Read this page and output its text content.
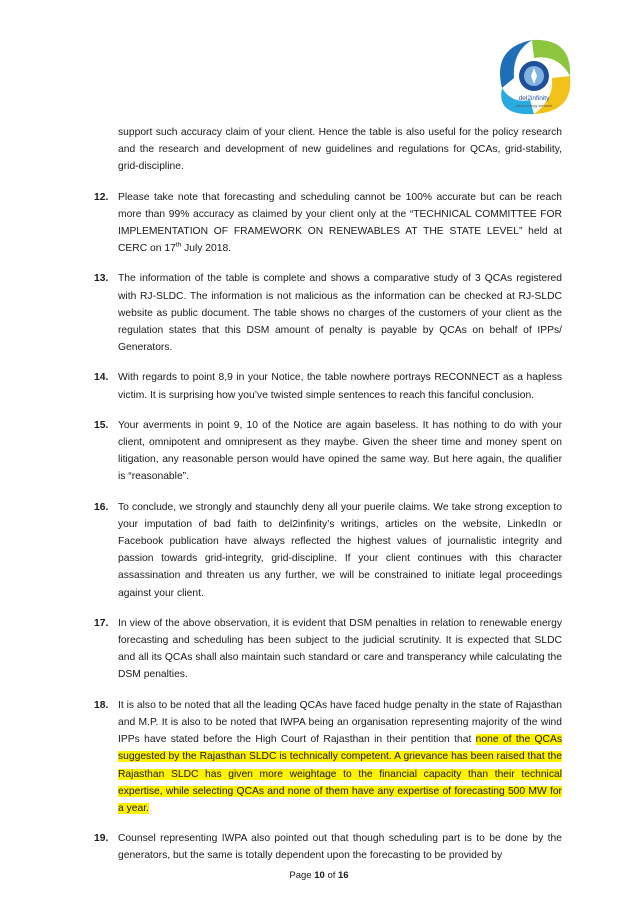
del2infinity
clean energy services

support such accuracy claim of your client. Hence the table is also useful for the policy research and the research and development of new guidelines and regulations for QCAs, grid-stability, grid-discipline.

12. Please take note that forecasting and scheduling cannot be 100% accurate but can be reach more than 99% accuracy as claimed by your client only at the “TECHNICAL COMMITTEE FOR IMPLEMENTATION OF FRAMEWORK ON RENEWABLES AT THE STATE LEVEL” held at CERC on 17th July 2018.
13. The information of the table is complete and shows a comparative study of 3 QCAs registered with RJ-SLDC. The information is not malicious as the information can be checked at RJ-SLDC website as public document. The table shows no charges of the customers of your client as the regulation states that this DSM amount of penalty is payable by QCAs on behalf of IPPs/ Generators.
14. With regards to point 8,9 in your Notice, the table nowhere portrays RECONNECT as a hapless victim. It is surprising how you’ve twisted simple sentences to reach this fanciful conclusion.
15. Your averments in point 9, 10 of the Notice are again baseless. It has nothing to do with your client, omnipotent and omnipresent as they maybe. Given the sheer time and money spent on litigation, any reasonable person would have opined the same way. But here again, the qualifier is “reasonable”.
16. To conclude, we strongly and staunchly deny all your puerile claims. We take strong exception to your imputation of bad faith to del2infinity’s writings, articles on the website, LinkedIn or Facebook publication have always reflected the highest values of journalistic integrity and passion towards grid-integrity, grid-discipline. If your client continues with this character assassination and threaten us any further, we will be constrained to initiate legal proceedings against your client.
17. In view of the above observation, it is evident that DSM penalties in relation to renewable energy forecasting and scheduling has been subject to the judicial scrutinity. It is expected that SLDC and all its QCAs shall also maintain such standard or care and transperancy while calculating the DSM penalties.
18. It is also to be noted that all the leading QCAs have faced hudge penalty in the state of Rajasthan and M.P. It is also to be noted that IWPA being an organisation representing majority of the wind IPPs have stated before the High Court of Rajasthan in their pentition that none of the QCAs suggested by the Rajasthan SLDC is technically competent. A grievance has been raised that the Rajasthan SLDC has given more weightage to the financial capacity than their technical expertise, while selecting QCAs and none of them have any expertise of forecasting 500 MW for a year.
19. Counsel representing IWPA also pointed out that though scheduling part is to be done by the generators, but the same is totally dependent upon the forecasting to be provided by
Page 10 of 16
